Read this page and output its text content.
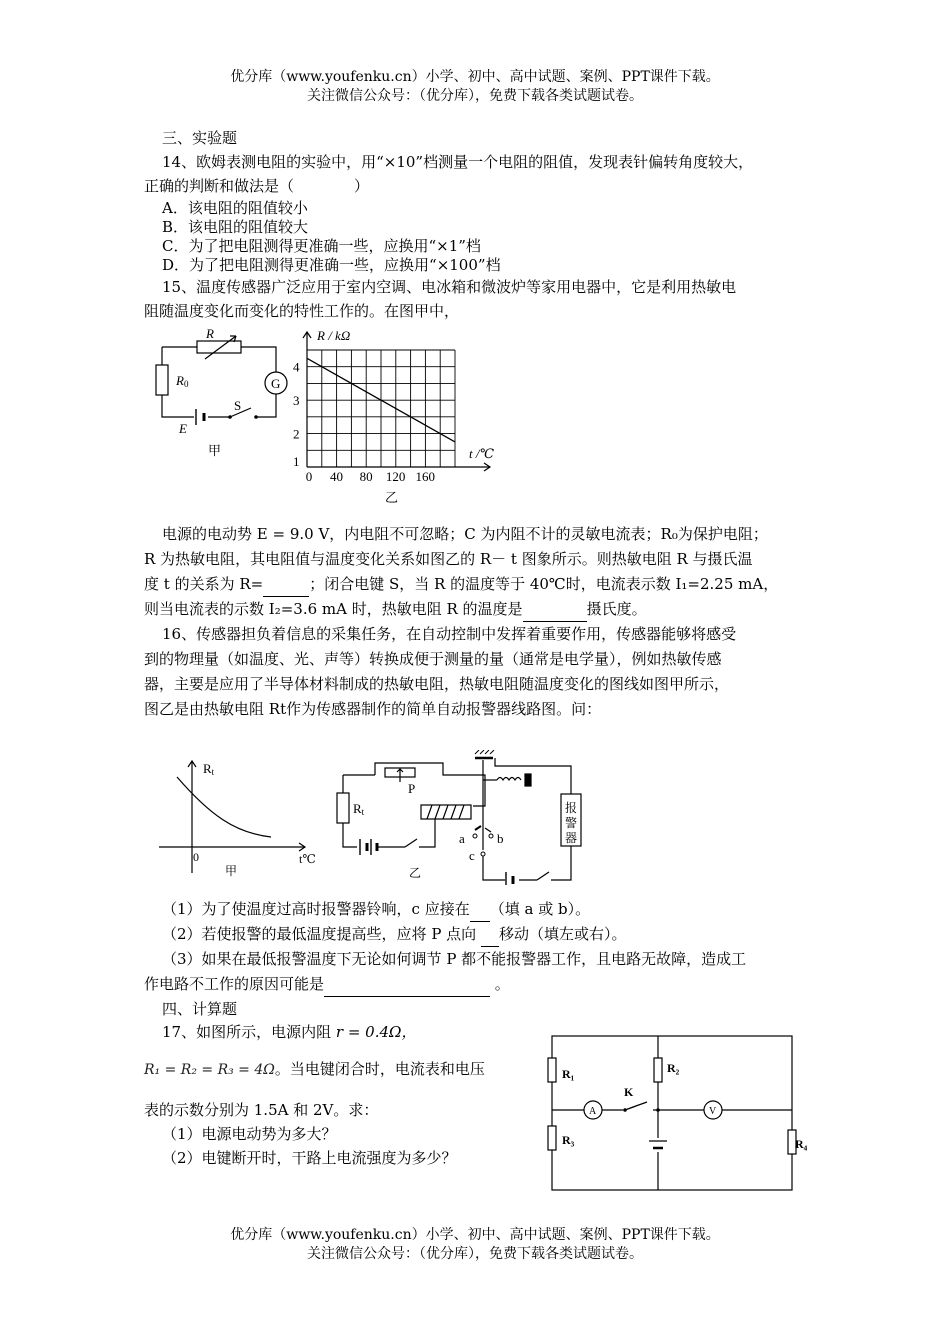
优分库（www.youfenku.cn）小学、初中、高中试题、案例、PPT课件下载。
关注微信公众号：（优分库），免费下载各类试题试卷。
三、实验题
14、欧姆表测电阻的实验中，用“×10”档测量一个电阻的阻值，发现表针偏转角度较大，
正确的判断和做法是（　　　　）
A．该电阻的阻值较小
B．该电阻的阻值较大
C．为了把电阻测得更准确一些，应换用“×1”档
D．为了把电阻测得更准确一些，应换用“×100”档
15、温度传感器广泛应用于室内空调、电冰箱和微波炉等家用电器中，它是利用热敏电
阻随温度变化而变化的特性工作的。在图甲中，
R
R0	G
S
E
甲
1
2
3
4
0 40 80 120 160
R / kΩ
t /℃
乙
电源的电动势 E = 9.0 V，内电阻不可忽略；C 为内阻不计的灵敏电流表；R₀为保护电阻；
R 为热敏电阻，其电阻值与温度变化关系如图乙的 R－ t 图象所示。则热敏电阻 R 与摄氏温
度 t 的关系为 R=	；闭合电键 S，当 R 的温度等于 40℃时，电流表示数 I₁=2.25 mA，
则当电流表的示数 I₂=3.6 mA 时，热敏电阻 R 的温度是	摄氏度。
16、传感器担负着信息的采集任务，在自动控制中发挥着重要作用，传感器能够将感受
到的物理量（如温度、光、声等）转换成便于测量的量（通常是电学量），例如热敏传感
器，主要是应用了半导体材料制成的热敏电阻，热敏电阻随温度变化的图线如图甲所示，
图乙是由热敏电阻 Rt作为传感器制作的简单自动报警器线路图。问：
Rt
0	t℃
甲
P
Rt
a b
c
报
警
器
乙
（1）为了使温度过高时报警器铃响，c 应接在 （填 a 或 b）。
（2）若使报警的最低温度提高些，应将 P 点向  移动（填左或右）。
（3）如果在最低报警温度下无论如何调节 P 都不能报警器工作，且电路无故障，造成工
作电路不工作的原因可能是	。
四、计算题
17、如图所示，电源内阻 r = 0.4Ω，
R₁ = R₂ = R₃ = 4Ω。当电键闭合时，电流表和电压
表的示数分别为 1.5A 和 2V。求：
（1）电源电动势为多大？
（2）电键断开时，干路上电流强度为多少？
R₁	R₂
R₃	R₄
K
A	V
优分库（www.youfenku.cn）小学、初中、高中试题、案例、PPT课件下载。
关注微信公众号：（优分库），免费下载各类试题试卷。
